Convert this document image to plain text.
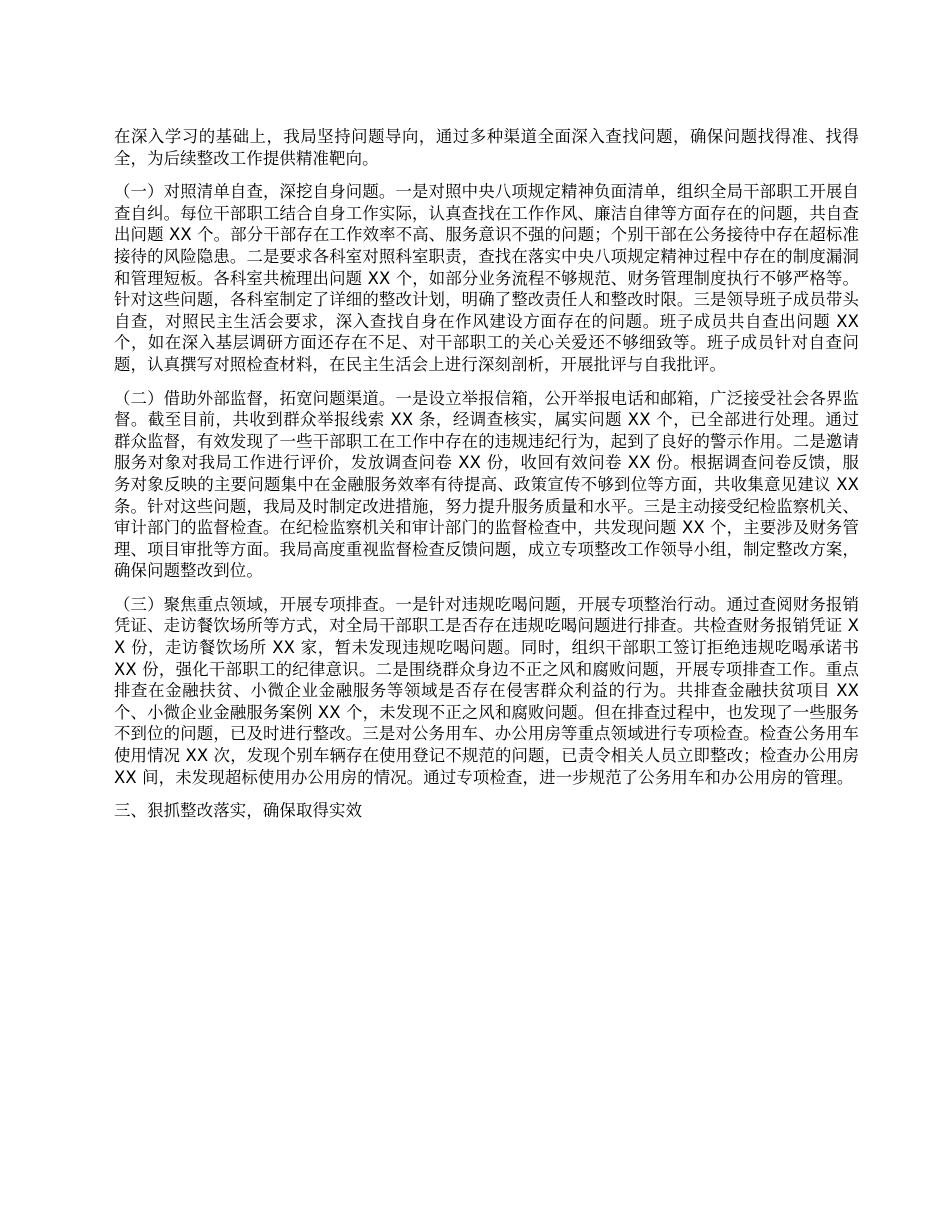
在深入学习的基础上，我局坚持问题导向，通过多种渠道全面深入查找问题，确保问题找得准、找得全，为后续整改工作提供精准靶向。

（一）对照清单自查，深挖自身问题。一是对照中央八项规定精神负面清单，组织全局干部职工开展自查自纠。每位干部职工结合自身工作实际，认真查找在工作作风、廉洁自律等方面存在的问题，共自查出问题 XX 个。部分干部存在工作效率不高、服务意识不强的问题；个别干部在公务接待中存在超标准接待的风险隐患。二是要求各科室对照科室职责，查找在落实中央八项规定精神过程中存在的制度漏洞和管理短板。各科室共梳理出问题 XX 个，如部分业务流程不够规范、财务管理制度执行不够严格等。针对这些问题，各科室制定了详细的整改计划，明确了整改责任人和整改时限。三是领导班子成员带头自查，对照民主生活会要求，深入查找自身在作风建设方面存在的问题。班子成员共自查出问题 XX 个，如在深入基层调研方面还存在不足、对干部职工的关心关爱还不够细致等。班子成员针对自查问题，认真撰写对照检查材料，在民主生活会上进行深刻剖析，开展批评与自我批评。

（二）借助外部监督，拓宽问题渠道。一是设立举报信箱，公开举报电话和邮箱，广泛接受社会各界监督。截至目前，共收到群众举报线索 XX 条，经调查核实，属实问题 XX 个，已全部进行处理。通过群众监督，有效发现了一些干部职工在工作中存在的违规违纪行为，起到了良好的警示作用。二是邀请服务对象对我局工作进行评价，发放调查问卷 XX 份，收回有效问卷 XX 份。根据调查问卷反馈，服务对象反映的主要问题集中在金融服务效率有待提高、政策宣传不够到位等方面，共收集意见建议 XX 条。针对这些问题，我局及时制定改进措施，努力提升服务质量和水平。三是主动接受纪检监察机关、审计部门的监督检查。在纪检监察机关和审计部门的监督检查中，共发现问题 XX 个，主要涉及财务管理、项目审批等方面。我局高度重视监督检查反馈问题，成立专项整改工作领导小组，制定整改方案，确保问题整改到位。

（三）聚焦重点领域，开展专项排查。一是针对违规吃喝问题，开展专项整治行动。通过查阅财务报销凭证、走访餐饮场所等方式，对全局干部职工是否存在违规吃喝问题进行排查。共检查财务报销凭证 XX 份，走访餐饮场所 XX 家，暂未发现违规吃喝问题。同时，组织干部职工签订拒绝违规吃喝承诺书 XX 份，强化干部职工的纪律意识。二是围绕群众身边不正之风和腐败问题，开展专项排查工作。重点排查在金融扶贫、小微企业金融服务等领域是否存在侵害群众利益的行为。共排查金融扶贫项目 XX 个、小微企业金融服务案例 XX 个，未发现不正之风和腐败问题。但在排查过程中，也发现了一些服务不到位的问题，已及时进行整改。三是对公务用车、办公用房等重点领域进行专项检查。检查公务用车使用情况 XX 次，发现个别车辆存在使用登记不规范的问题，已责令相关人员立即整改；检查办公用房 XX 间，未发现超标使用办公用房的情况。通过专项检查，进一步规范了公务用车和办公用房的管理。

三、狠抓整改落实，确保取得实效
